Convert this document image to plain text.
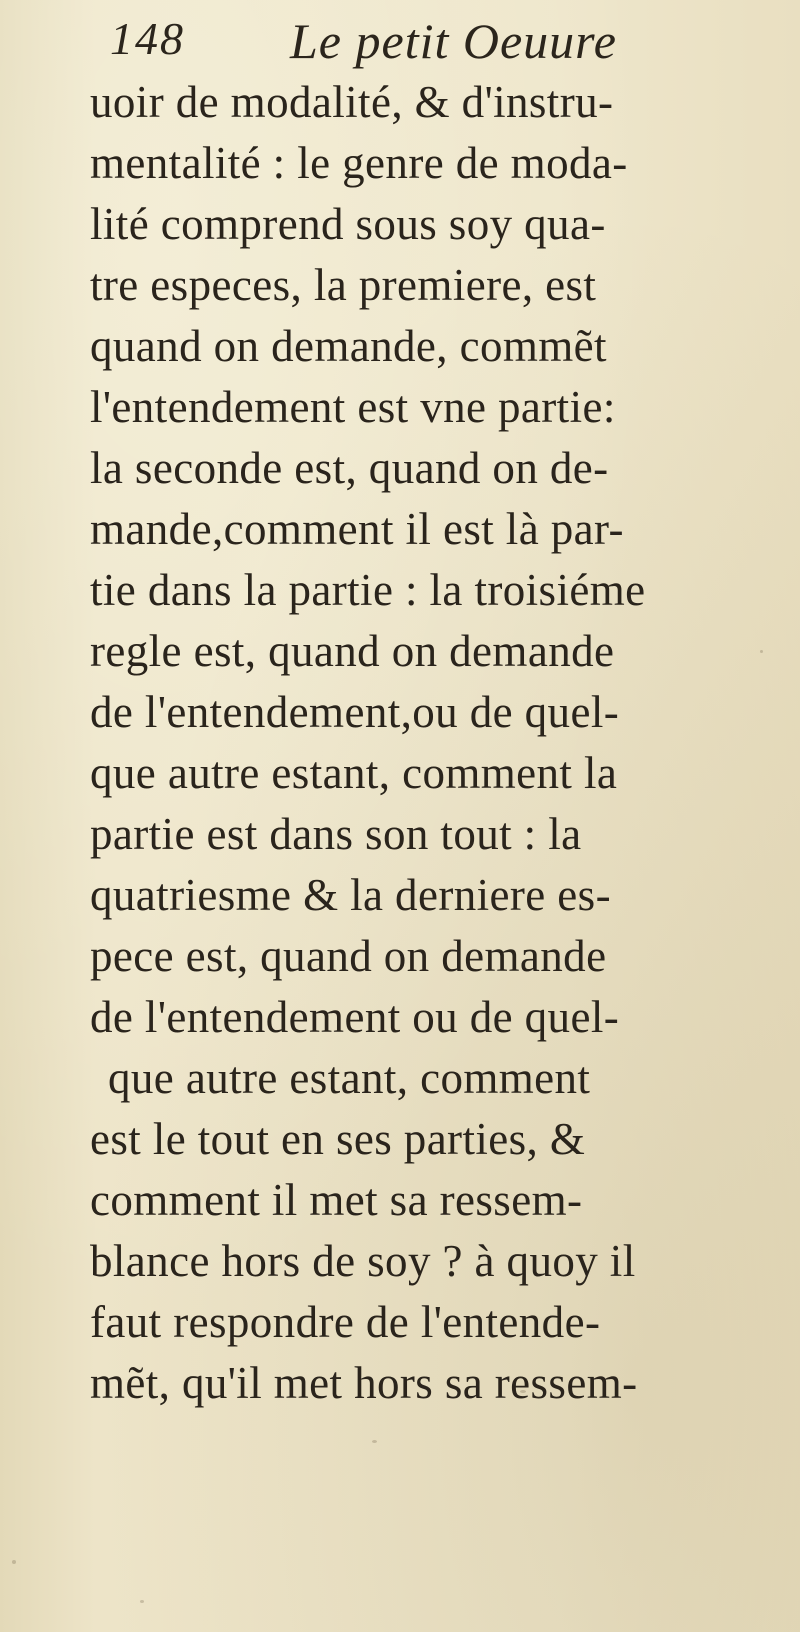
148 Le petit Oeuure
uoir de modalité, & d'instru-
mentalité : le genre de moda-
lité comprend sous soy qua-
tre especes, la premiere, est
quand on demande, commẽt
l'entendement est vne partie:
la seconde est, quand on de-
mande,comment il est là par-
tie dans la partie : la troisiéme
regle est, quand on demande
de l'entendement,ou de quel-
que autre estant, comment la
partie est dans son tout : la
quatriesme & la derniere es-
pece est, quand on demande
de l'entendement ou de quel-
que autre estant, comment
est le tout en ses parties, &
comment il met sa ressem-
blance hors de soy ? à quoy il
faut respondre de l'entende-
mẽt, qu'il met hors sa ressem-
